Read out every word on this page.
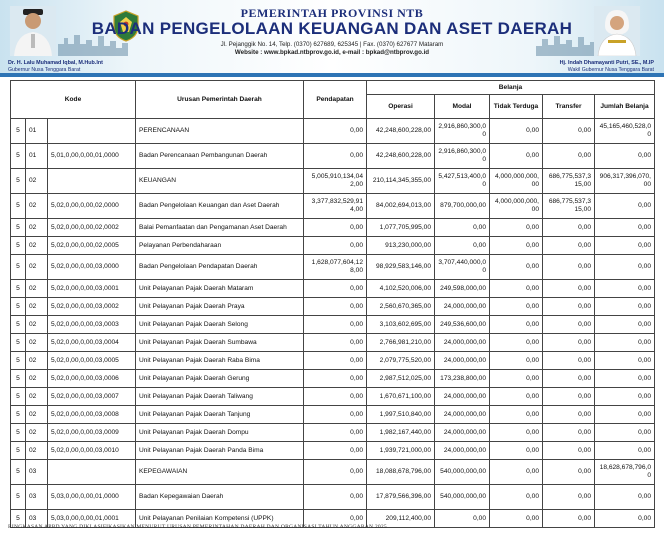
PEMERINTAH PROVINSI NTB
BADAN PENGELOLAAN KEUANGAN DAN ASET DAERAH
Jl. Pejanggik No. 14, Telp. (0370) 627689, 625345 | Fax. (0370) 627677 Mataram
Website : www.bpkad.ntbprov.go.id, e-mail : bpkad@ntbprov.go.id
Dr. H. Lalu Muhamad Iqbal, M.Hub.Int
Gubernur Nusa Tenggara Barat
Hj. Indah Dhamayanti Putri, SE., M.IP
Wakil Gubernur Nusa Tenggara Barat
Kode			Urusan Pemerintah Daerah	Pendapatan	Belanja				
					Operasi	Modal	Tidak Terduga	Transfer	Jumlah Belanja
5	01		PERENCANAAN	0,00	42,248,600,228,00	2,916,860,300,00	0,00	0,00	45,165,460,528,00
5	01	5,01,0,00,0,00,01,0000	Badan Perencanaan Pembangunan Daerah	0,00	42,248,600,228,00	2,916,860,300,00	0,00	0,00	0,00
5	02		KEUANGAN	5,005,910,134,042,00	210,114,345,355,00	5,427,513,400,00	4,000,000,000,00	686,775,537,315,00	906,317,396,070,00
5	02	5,02,0,00,0,00,02,0000	Badan Pengelolaan Keuangan dan Aset Daerah	3,377,832,529,914,00	84,002,694,013,00	879,700,000,00	4,000,000,000,00	686,775,537,315,00	0,00
5	02	5,02,0,00,0,00,02,0002	Balai Pemanfaatan dan Pengamanan Aset Daerah	0,00	1,077,705,995,00	0,00	0,00	0,00	0,00
5	02	5,02,0,00,0,00,02,0005	Pelayanan Perbendaharaan	0,00	913,230,000,00	0,00	0,00	0,00	0,00
5	02	5,02,0,00,0,00,03,0000	Badan Pengelolaan Pendapatan Daerah	1,628,077,604,128,00	98,929,583,146,00	3,707,440,000,00	0,00	0,00	0,00
5	02	5,02,0,00,0,00,03,0001	Unit Pelayanan Pajak Daerah Mataram	0,00	4,102,520,006,00	249,598,000,00	0,00	0,00	0,00
5	02	5,02,0,00,0,00,03,0002	Unit Pelayanan Pajak Daerah Praya	0,00	2,560,670,365,00	24,000,000,00	0,00	0,00	0,00
5	02	5,02,0,00,0,00,03,0003	Unit Pelayanan Pajak Daerah Selong	0,00	3,103,602,695,00	249,536,600,00	0,00	0,00	0,00
5	02	5,02,0,00,0,00,03,0004	Unit Pelayanan Pajak Daerah Sumbawa	0,00	2,766,981,210,00	24,000,000,00	0,00	0,00	0,00
5	02	5,02,0,00,0,00,03,0005	Unit Pelayanan Pajak Daerah Raba Bima	0,00	2,079,775,520,00	24,000,000,00	0,00	0,00	0,00
5	02	5,02,0,00,0,00,03,0006	Unit Pelayanan Pajak Daerah Gerung	0,00	2,987,512,025,00	173,238,800,00	0,00	0,00	0,00
5	02	5,02,0,00,0,00,03,0007	Unit Pelayanan Pajak Daerah Taliwang	0,00	1,670,671,100,00	24,000,000,00	0,00	0,00	0,00
5	02	5,02,0,00,0,00,03,0008	Unit Pelayanan Pajak Daerah Tanjung	0,00	1,997,510,840,00	24,000,000,00	0,00	0,00	0,00
5	02	5,02,0,00,0,00,03,0009	Unit Pelayanan Pajak Daerah Dompu	0,00	1,982,167,440,00	24,000,000,00	0,00	0,00	0,00
5	02	5,02,0,00,0,00,03,0010	Unit Pelayanan Pajak Daerah Panda Bima	0,00	1,939,721,000,00	24,000,000,00	0,00	0,00	0,00
5	03		KEPEGAWAIAN	0,00	18,088,678,796,00	540,000,000,00	0,00	0,00	18,628,678,796,00
5	03	5,03,0,00,0,00,01,0000	Badan Kepegawaian Daerah	0,00	17,879,566,396,00	540,000,000,00	0,00	0,00	0,00
5	03	5,03,0,00,0,00,01,0001	Unit Pelayanan Penilaian Kompetensi (UPPK)	0,00	209,112,400,00	0,00	0,00	0,00	0,00
RINGKASAN APBD YANG DIKLASIFIKASIKAN MENURUT URUSAN PEMERINTAHAN DAERAH DAN ORGANISASI TAHUN ANGGARAN 2025
